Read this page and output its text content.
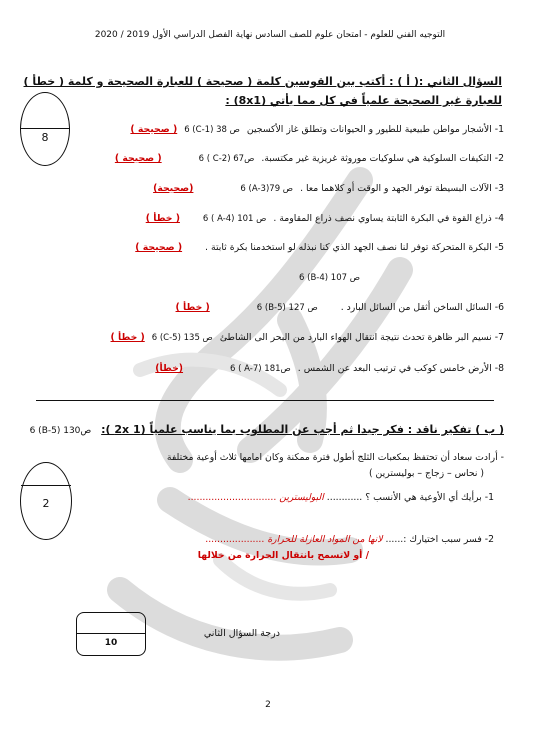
التوجيه الفني للعلوم - امتحان علوم للصف السادس نهاية الفصل الدراسي الأول 2019 / 2020
السؤال الثاني :( أ ) : أكتب بين القوسين كلمة ( صحيحة ) للعبارة الصحيحة و كلمة ( خطأ )
للعبارة غير الصحيحة علمياً في كل مما يأتي (8x1) :
8
1- الأشجار مواطن طبيعية للطيور و الحيوانات وتطلق غاز الأكسجين ص 38 (C-1) 6 ( صحيحة )
2- التكيفات السلوكية هي سلوكيات موروثة غريزية غير مكتسبة. ص67 (C-2 ) 6 ( صحيحة )
3- الآلات البسيطة توفر الجهد و الوقت أو كلاهما معا . ص 79(A-3) 6 (صحيحة)
4- ذراع القوة في البكرة الثابتة يساوي نصف ذراع المقاومة . ص 101 (A-4 ) 6 ( خطأ )
5- البكرة المتحركة توفر لنا نصف الجهد الذي كنا نبذله لو استخدمنا بكرة ثابتة . ( صحيحة )
ص 107 (B-4) 6
6- السائل الساخن أثقل من السائل البارد . ص 127 (B-5) 6 ( خطأ )
7- نسيم البر ظاهرة تحدث نتيجة انتقال الهواء البارد من البحر الى الشاطئ ص 135 (C-5) 6 ( خطأ )
8- الأرض خامس كوكب في ترتيب البعد عن الشمس . ص181 (A-7 ) 6 (خطأ)
( ب ) تفكير ناقد : فكر جيدا ثم أجب عن المطلوب بما يناسب علمياً (2x 1 ): ص130 (B-5) 6
- أرادت سعاد أن تحتفظ بمكعبات الثلج أطول فترة ممكنة وكان امامها ثلاث أوعية مختلفة
( نحاس – زجاج – بوليسترين )
2	1- برأيك أي الأوعية هي الأنسب ؟ ............ البوليسترين ..............................
2- فسر سبب اختيارك :...... لانها من المواد العازلة للحرارة ....................
/ أو لاتسمح بانتقال الحرارة من خلالها
10
درجة السؤال الثاني
2
